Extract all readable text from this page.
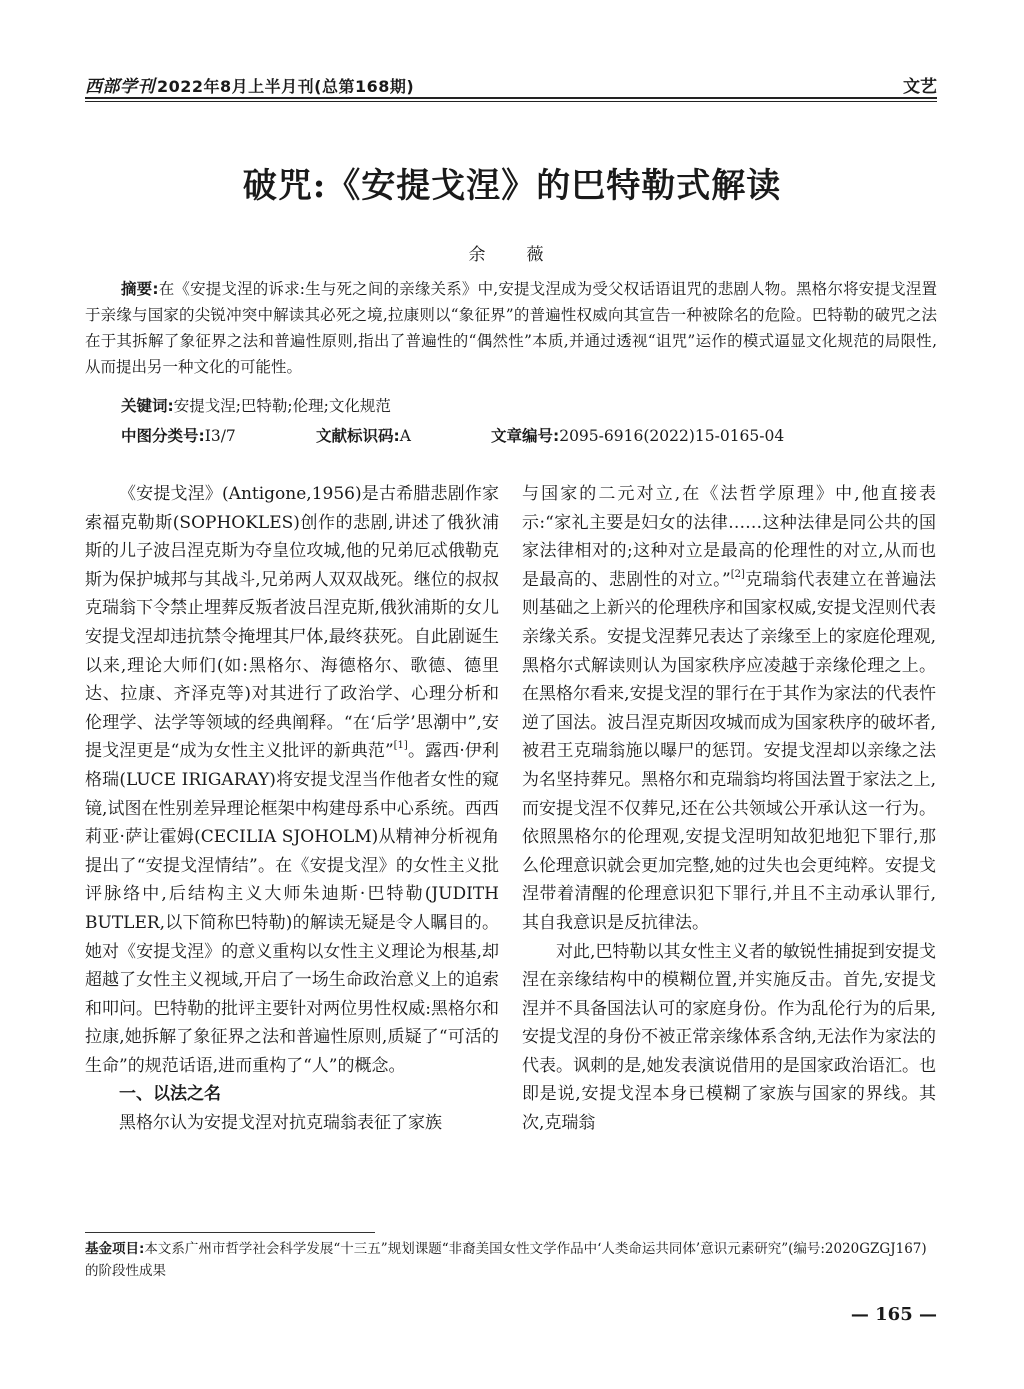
西部学刊 2022年8月上半月刊(总第168期)	文艺
破咒:《安提戈涅》的巴特勒式解读
余　薇
摘要:在《安提戈涅的诉求:生与死之间的亲缘关系》中,安提戈涅成为受父权话语诅咒的悲剧人物。黑格尔将安提戈涅置于亲缘与国家的尖锐冲突中解读其必死之境,拉康则以“象征界”的普遍性权威向其宣告一种被除名的危险。巴特勒的破咒之法在于其拆解了象征界之法和普遍性原则,指出了普遍性的“偶然性”本质,并通过透视“诅咒”运作的模式逼显文化规范的局限性,从而提出另一种文化的可能性。
关键词:安提戈涅;巴特勒;伦理;文化规范
中图分类号:I3/7	文献标识码:A	文章编号:2095-6916(2022)15-0165-04

《安提戈涅》(Antigone,1956)是古希腊悲剧作家索福克勒斯(SOPHOKLES)创作的悲剧,讲述了俄狄浦斯的儿子波吕涅克斯为夺皇位攻城,他的兄弟厄忒俄勒克斯为保护城邦与其战斗,兄弟两人双双战死。继位的叔叔克瑞翁下令禁止埋葬反叛者波吕涅克斯,俄狄浦斯的女儿安提戈涅却违抗禁令掩埋其尸体,最终获死。自此剧诞生以来,理论大师们(如:黑格尔、海德格尔、歌德、德里达、拉康、齐泽克等)对其进行了政治学、心理分析和伦理学、法学等领域的经典阐释。“在‘后学’思潮中”,安提戈涅更是“成为女性主义批评的新典范”[1]。露西·伊利格瑞(LUCE IRIGARAY)将安提戈涅当作他者女性的窥镜,试图在性别差异理论框架中构建母系中心系统。西西莉亚·萨让霍姆(CECILIA SJOHOLM)从精神分析视角提出了“安提戈涅情结”。在《安提戈涅》的女性主义批评脉络中,后结构主义大师朱迪斯·巴特勒(JUDITH BUTLER,以下简称巴特勒)的解读无疑是令人瞩目的。她对《安提戈涅》的意义重构以女性主义理论为根基,却超越了女性主义视域,开启了一场生命政治意义上的追索和叩问。巴特勒的批评主要针对两位男性权威:黑格尔和拉康,她拆解了象征界之法和普遍性原则,质疑了“可活的生命”的规范话语,进而重构了“人”的概念。

一、以法之名

黑格尔认为安提戈涅对抗克瑞翁表征了家族

与国家的二元对立,在《法哲学原理》中,他直接表示:“家礼主要是妇女的法律……这种法律是同公共的国家法律相对的;这种对立是最高的伦理性的对立,从而也是最高的、悲剧性的对立。”[2]克瑞翁代表建立在普遍法则基础之上新兴的伦理秩序和国家权威,安提戈涅则代表亲缘关系。安提戈涅葬兄表达了亲缘至上的家庭伦理观,黑格尔式解读则认为国家秩序应凌越于亲缘伦理之上。在黑格尔看来,安提戈涅的罪行在于其作为家法的代表忤逆了国法。波吕涅克斯因攻城而成为国家秩序的破坏者,被君王克瑞翁施以曝尸的惩罚。安提戈涅却以亲缘之法为名坚持葬兄。黑格尔和克瑞翁均将国法置于家法之上,而安提戈涅不仅葬兄,还在公共领域公开承认这一行为。依照黑格尔的伦理观,安提戈涅明知故犯地犯下罪行,那么伦理意识就会更加完整,她的过失也会更纯粹。安提戈涅带着清醒的伦理意识犯下罪行,并且不主动承认罪行,其自我意识是反抗律法。

对此,巴特勒以其女性主义者的敏锐性捕捉到安提戈涅在亲缘结构中的模糊位置,并实施反击。首先,安提戈涅并不具备国法认可的家庭身份。作为乱伦行为的后果,安提戈涅的身份不被正常亲缘体系含纳,无法作为家法的代表。讽刺的是,她发表演说借用的是国家政治语汇。也即是说,安提戈涅本身已模糊了家族与国家的界线。其次,克瑞翁

基金项目:本文系广州市哲学社会科学发展“十三五”规划课题“非裔美国女性文学作品中‘人类命运共同体’意识元素研究”(编号:2020GZGJ167)的阶段性成果
— 165 —
